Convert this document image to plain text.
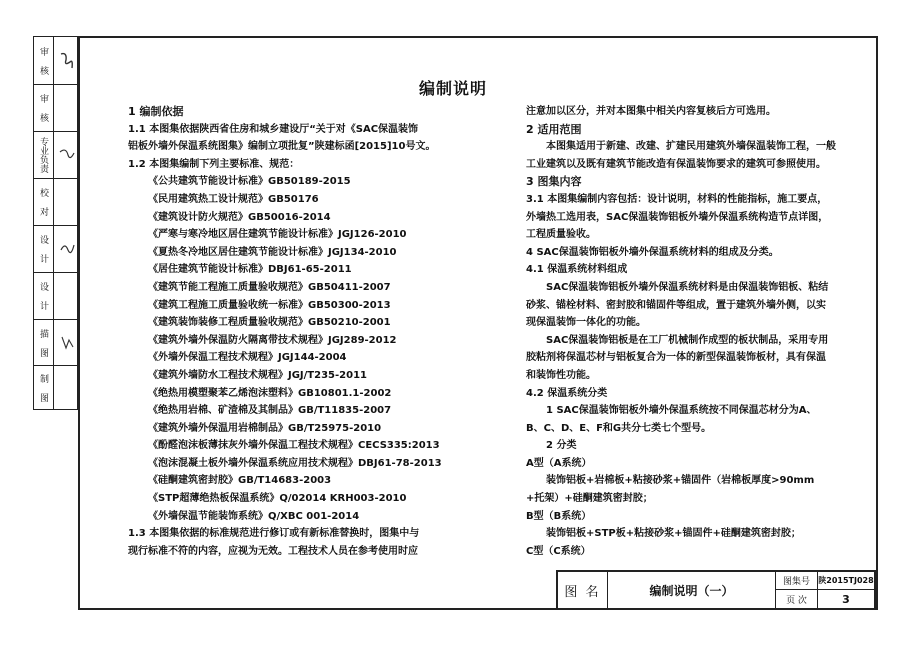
审 核
审 核
专业负责
校 对
设 计
设 计
描 图
制 图
编制说明

1 编制依据

1.1 本图集依据陕西省住房和城乡建设厅“关于对《SAC保温装饰

铝板外墙外保温系统图集》编制立项批复”陕建标函[2015]10号文。

1.2 本图集编制下列主要标准、规范：

《公共建筑节能设计标准》GB50189-2015

《民用建筑热工设计规范》GB50176

《建筑设计防火规范》GB50016-2014

《严寒与寒冷地区居住建筑节能设计标准》JGJ126-2010

《夏热冬冷地区居住建筑节能设计标准》JGJ134-2010

《居住建筑节能设计标准》DBJ61-65-2011

《建筑节能工程施工质量验收规范》GB50411-2007

《建筑工程施工质量验收统一标准》GB50300-2013

《建筑装饰装修工程质量验收规范》GB50210-2001

《建筑外墙外保温防火隔离带技术规程》JGJ289-2012

《外墙外保温工程技术规程》JGJ144-2004

《建筑外墙防水工程技术规程》JGJ/T235-2011

《绝热用模塑聚苯乙烯泡沫塑料》GB10801.1-2002

《绝热用岩棉、矿渣棉及其制品》GB/T11835-2007

《建筑外墙外保温用岩棉制品》GB/T25975-2010

《酚醛泡沫板薄抹灰外墙外保温工程技术规程》CECS335:2013

《泡沫混凝土板外墙外保温系统应用技术规程》DBJ61-78-2013

《硅酮建筑密封胶》GB/T14683-2003

《STP超薄绝热板保温系统》Q/02014 KRH003-2010

《外墙保温节能装饰系统》Q/XBC 001-2014

1.3 本图集依据的标准规范进行修订或有新标准替换时，图集中与

现行标准不符的内容，应视为无效。工程技术人员在参考使用时应

注意加以区分，并对本图集中相关内容复核后方可选用。

2 适用范围

本图集适用于新建、改建、扩建民用建筑外墙保温装饰工程，一般

工业建筑以及既有建筑节能改造有保温装饰要求的建筑可参照使用。

3 图集内容

3.1 本图集编制内容包括：设计说明，材料的性能指标，施工要点，

外墙热工选用表，SAC保温装饰铝板外墙外保温系统构造节点详图，

工程质量验收。

4 SAC保温装饰铝板外墙外保温系统材料的组成及分类。

4.1 保温系统材料组成

SAC保温装饰铝板外墙外保温系统材料是由保温装饰铝板、粘结

砂浆、锚栓材料、密封胶和锚固件等组成，置于建筑外墙外侧，以实

现保温装饰一体化的功能。

SAC保温装饰铝板是在工厂机械制作成型的板状制品，采用专用

胶粘剂将保温芯材与铝板复合为一体的新型保温装饰板材，具有保温

和装饰性功能。

4.2 保温系统分类

1 SAC保温装饰铝板外墙外保温系统按不同保温芯材分为A、

B、C、D、E、F和G共分七类七个型号。

2 分类

A型（A系统）

装饰铝板+岩棉板+粘接砂浆+锚固件（岩棉板厚度>90mm

+托架）+硅酮建筑密封胶；

B型（B系统）

装饰铝板+STP板+粘接砂浆+锚固件+硅酮建筑密封胶；

C型（C系统）

图 名	编制说明（一）
图集号	陕2015TJ028
页 次	3
